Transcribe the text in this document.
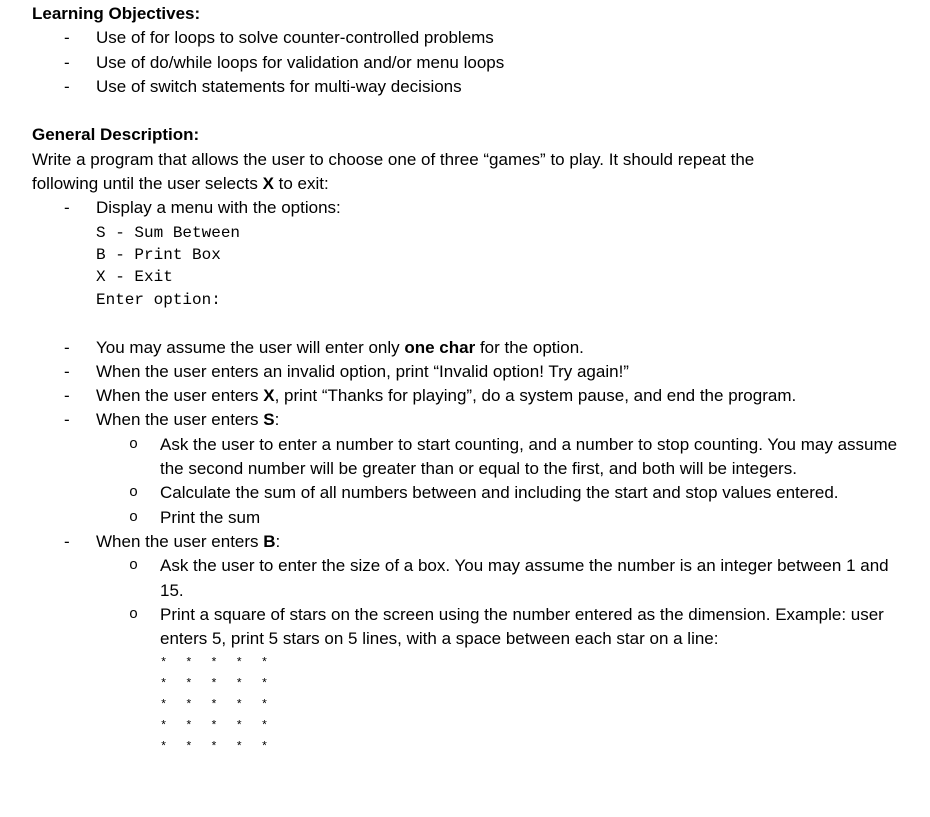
Learning Objectives:

-	Use of for loops to solve counter-controlled problems
-	Use of do/while loops for validation and/or menu loops
-	Use of switch statements for multi-way decisions

General Description:

Write a program that allows the user to choose one of three “games” to play. It should repeat the
following until the user selects X to exit:

-	Display a menu with the options:
S - Sum Between
B - Print Box
X - Exit
Enter option:
-	You may assume the user will enter only one char for the option.
-	When the user enters an invalid option, print “Invalid option! Try again!”
-	When the user enters X, print “Thanks for playing”, do a system pause, and end the program.
-	When the user enters S:
o Ask the user to enter a number to start counting, and a number to stop counting. You may assume the second number will be greater than or equal to the first, and both will be integers.
o Calculate the sum of all numbers between and including the start and stop values entered.
o Print the sum
-	When the user enters B:
o Ask the user to enter the size of a box. You may assume the number is an integer between 1 and 15.
o Print a square of stars on the screen using the number entered as the dimension. Example: user enters 5, print 5 stars on 5 lines, with a space between each star on a line:
*  *  *  *  *
*  *  *  *  *
*  *  *  *  *
*  *  *  *  *
*  *  *  *  *
